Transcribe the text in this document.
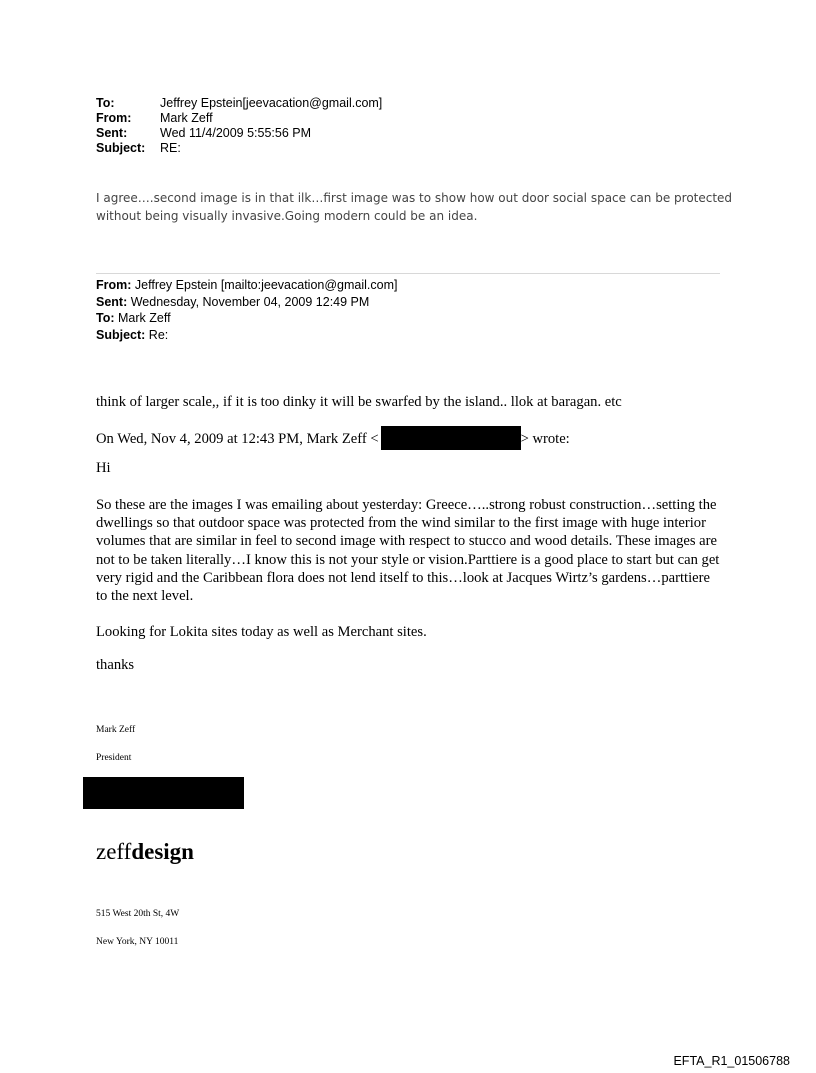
To:	Jeffrey Epstein[jeevacation@gmail.com]
From:	Mark Zeff
Sent:	Wed 11/4/2009 5:55:56 PM
Subject:	RE:
I agree….second image is in that ilk…first image was to show how out door social space can be protected without being visually invasive.Going modern could be an idea.
From: Jeffrey Epstein [mailto:jeevacation@gmail.com]
Sent: Wednesday, November 04, 2009 12:49 PM
To: Mark Zeff
Subject: Re:
think of larger scale,, if it is too dinky it will be swarfed by the island.. llok at baragan. etc
On Wed, Nov 4, 2009 at 12:43 PM, Mark Zeff <	> wrote:
Hi
So these are the images I was emailing about yesterday: Greece…..strong robust construction…setting the dwellings so that outdoor space was protected from the wind similar to the first image with huge interior volumes that are similar in feel to second image with respect to stucco and wood details. These images are not to be taken literally…I know this is not your style or vision.Parttiere is a good place to start but can get very rigid and the Caribbean flora does not lend itself to this…look at Jacques Wirtz’s gardens…parttiere to the next level.
Looking for Lokita sites today as well as Merchant sites.
thanks
Mark Zeff
President
zeffdesign
515 West 20th St, 4W
New York, NY 10011
EFTA_R1_01506788
